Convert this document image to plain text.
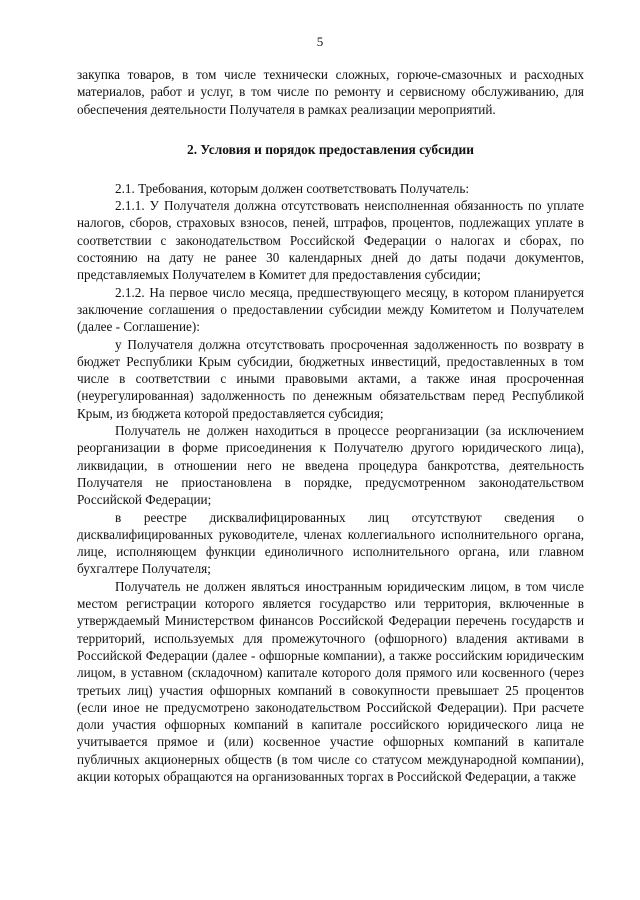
5

закупка товаров, в том числе технически сложных, горюче-смазочных и расходных материалов, работ и услуг, в том числе по ремонту и сервисному обслуживанию, для обеспечения деятельности Получателя в рамках реализации мероприятий.

2. Условия и порядок предоставления субсидии

2.1. Требования, которым должен соответствовать Получатель:

2.1.1. У Получателя должна отсутствовать неисполненная обязанность по уплате налогов, сборов, страховых взносов, пеней, штрафов, процентов, подлежащих уплате в соответствии с законодательством Российской Федерации о налогах и сборах, по состоянию на дату не ранее 30 календарных дней до даты подачи документов, представляемых Получателем в Комитет для предоставления субсидии;

2.1.2. На первое число месяца, предшествующего месяцу, в котором планируется заключение соглашения о предоставлении субсидии между Комитетом и Получателем (далее - Соглашение):

у Получателя должна отсутствовать просроченная задолженность по возврату в бюджет Республики Крым субсидии, бюджетных инвестиций, предоставленных в том числе в соответствии с иными правовыми актами, а также иная просроченная (неурегулированная) задолженность по денежным обязательствам перед Республикой Крым, из бюджета которой предоставляется субсидия;

Получатель не должен находиться в процессе реорганизации (за исключением реорганизации в форме присоединения к Получателю другого юридического лица), ликвидации, в отношении него не введена процедура банкротства, деятельность Получателя не приостановлена в порядке, предусмотренном законодательством Российской Федерации;

в реестре дисквалифицированных лиц отсутствуют сведения о дисквалифицированных руководителе, членах коллегиального исполнительного органа, лице, исполняющем функции единоличного исполнительного органа, или главном бухгалтере Получателя;

Получатель не должен являться иностранным юридическим лицом, в том числе местом регистрации которого является государство или территория, включенные в утверждаемый Министерством финансов Российской Федерации перечень государств и территорий, используемых для промежуточного (офшорного) владения активами в Российской Федерации (далее - офшорные компании), а также российским юридическим лицом, в уставном (складочном) капитале которого доля прямого или косвенного (через третьих лиц) участия офшорных компаний в совокупности превышает 25 процентов (если иное не предусмотрено законодательством Российской Федерации). При расчете доли участия офшорных компаний в капитале российского юридического лица не учитывается прямое и (или) косвенное участие офшорных компаний в капитале публичных акционерных обществ (в том числе со статусом международной компании), акции которых обращаются на организованных торгах в Российской Федерации, а также
